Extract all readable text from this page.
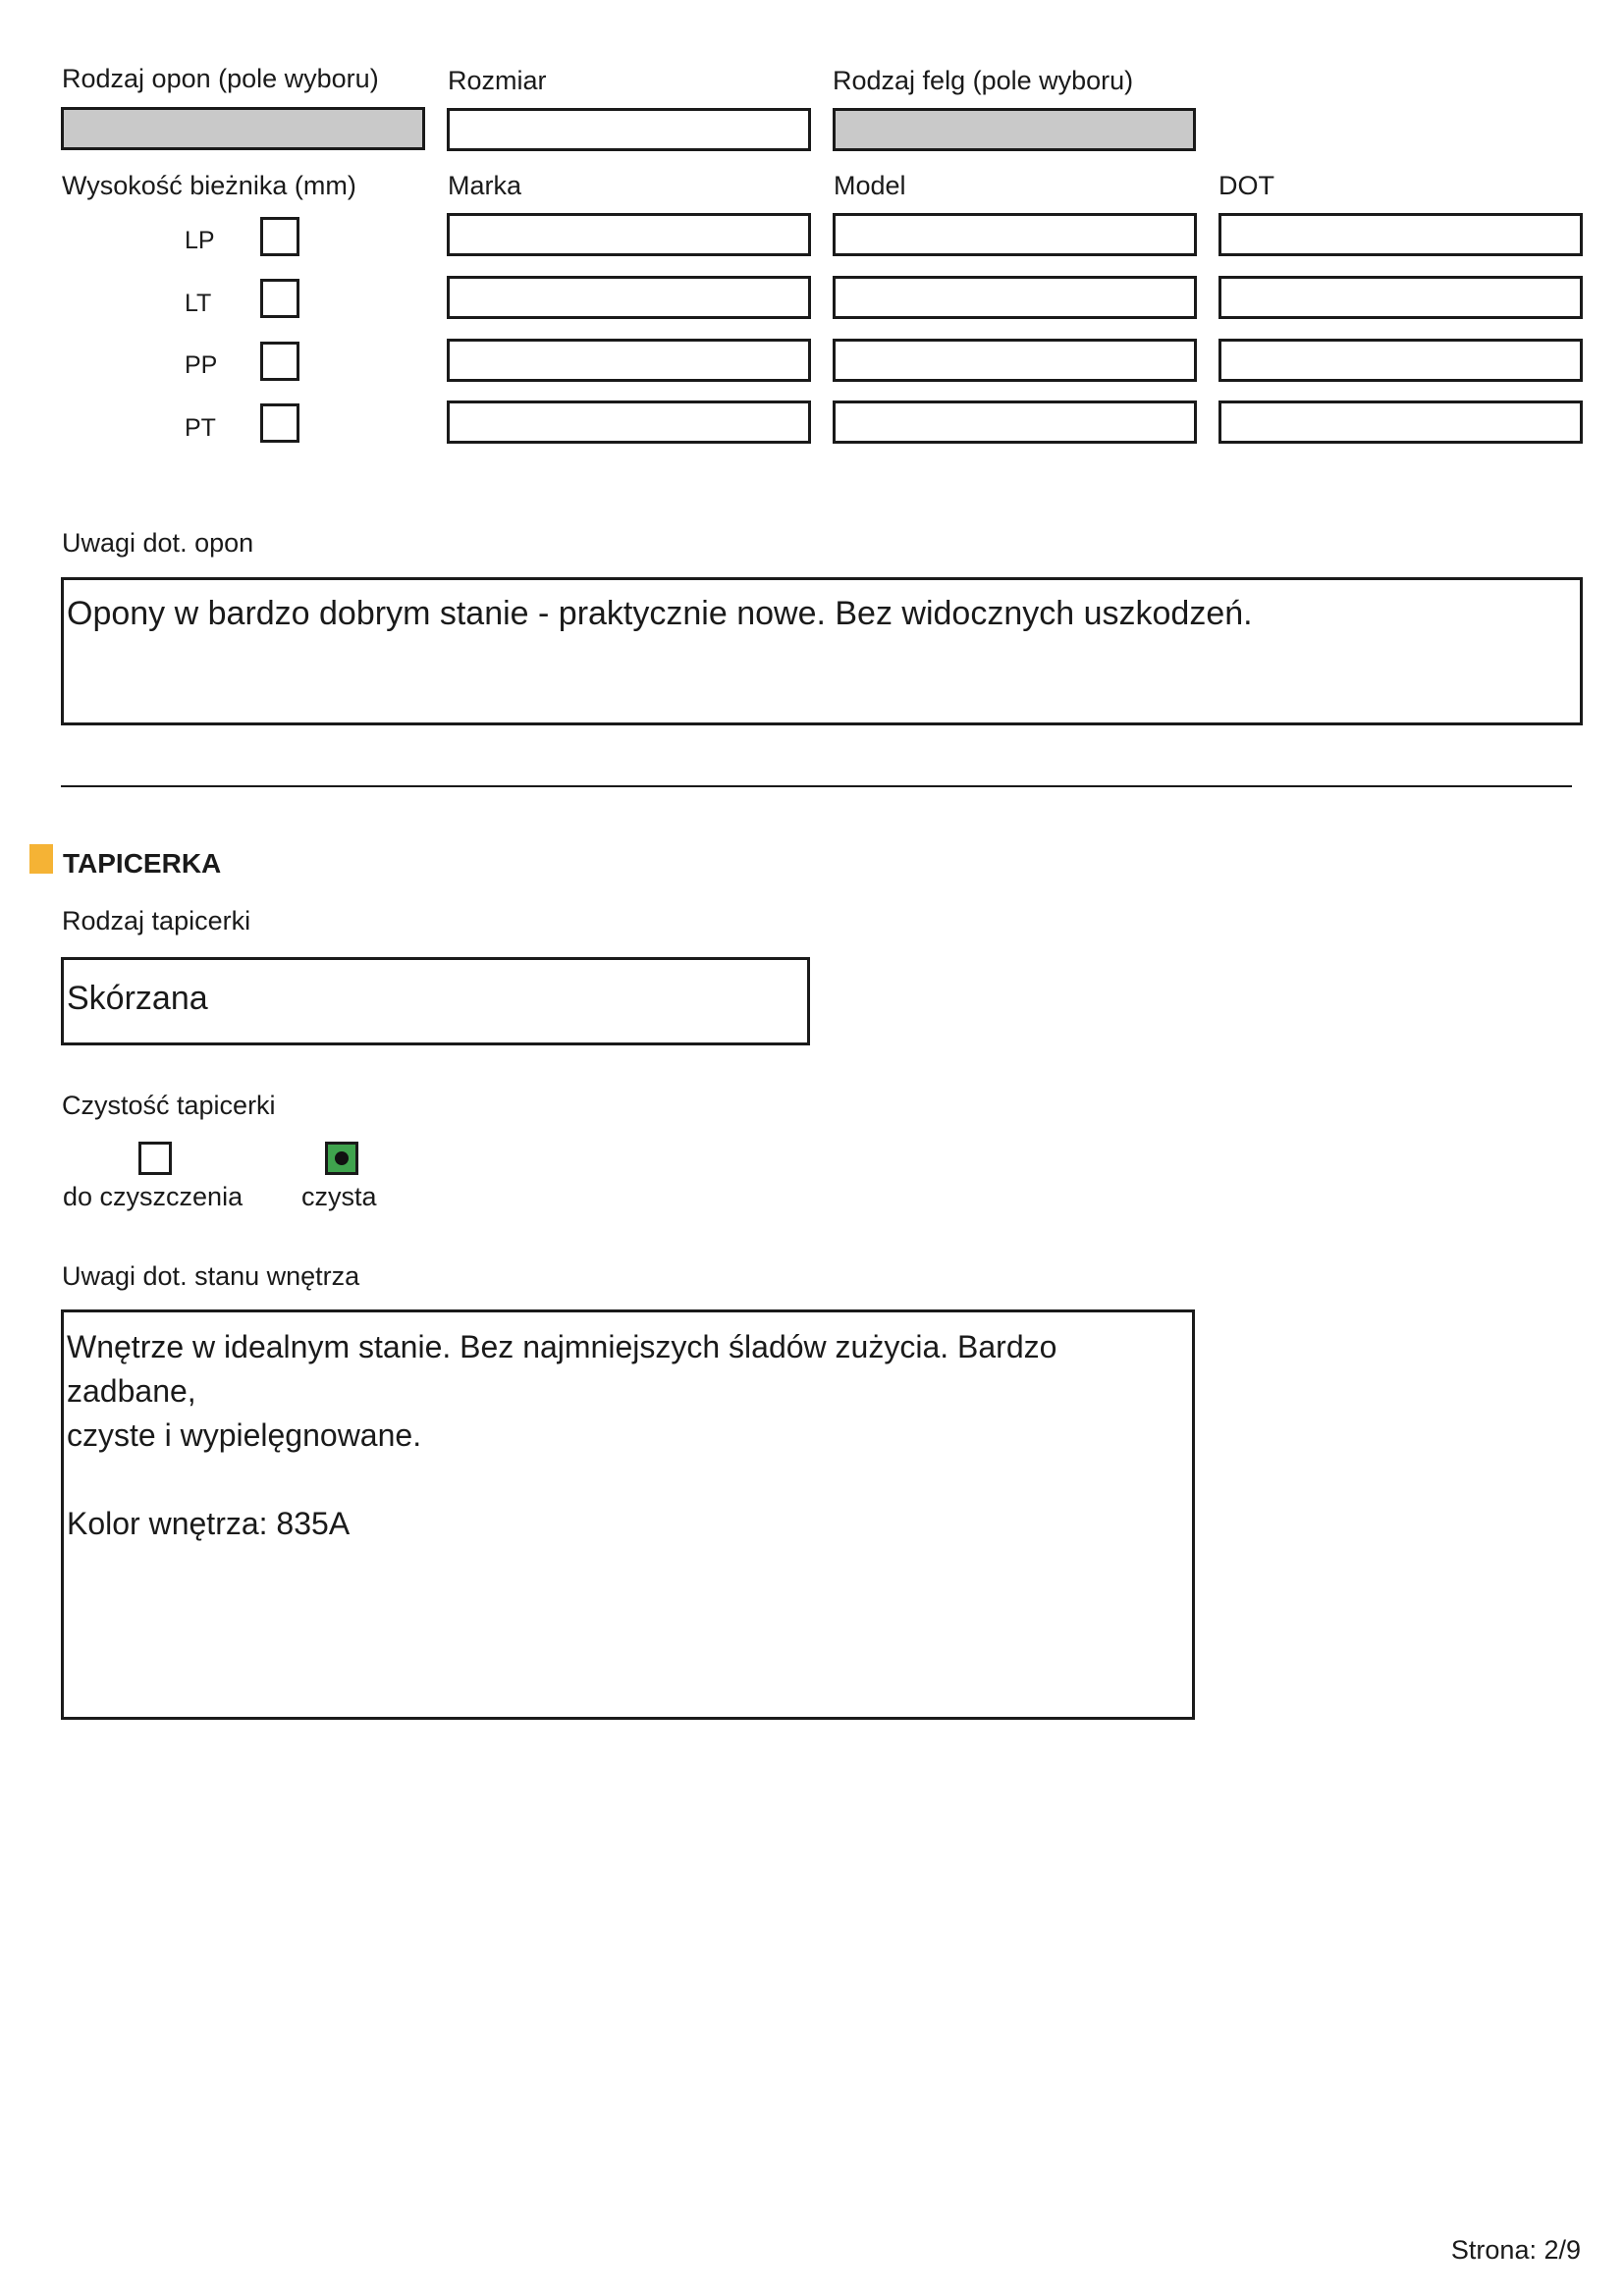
Rodzaj opon (pole wyboru)	Rozmiar	Rodzaj felg (pole wyboru)
Wysokość bieżnika (mm)	Marka	Model	DOT
LP
LT
PP
PT
Uwagi dot. opon
Opony w bardzo dobrym stanie - praktycznie nowe. Bez widocznych uszkodzeń.
TAPICERKA
Rodzaj tapicerki
Skórzana
Czystość tapicerki
do czyszczenia czysta
Uwagi dot. stanu wnętrza
Wnętrze w idealnym stanie. Bez najmniejszych śladów zużycia. Bardzo zadbane,
czyste i wypielęgnowane.

Kolor wnętrza: 835A
Strona: 2/9
